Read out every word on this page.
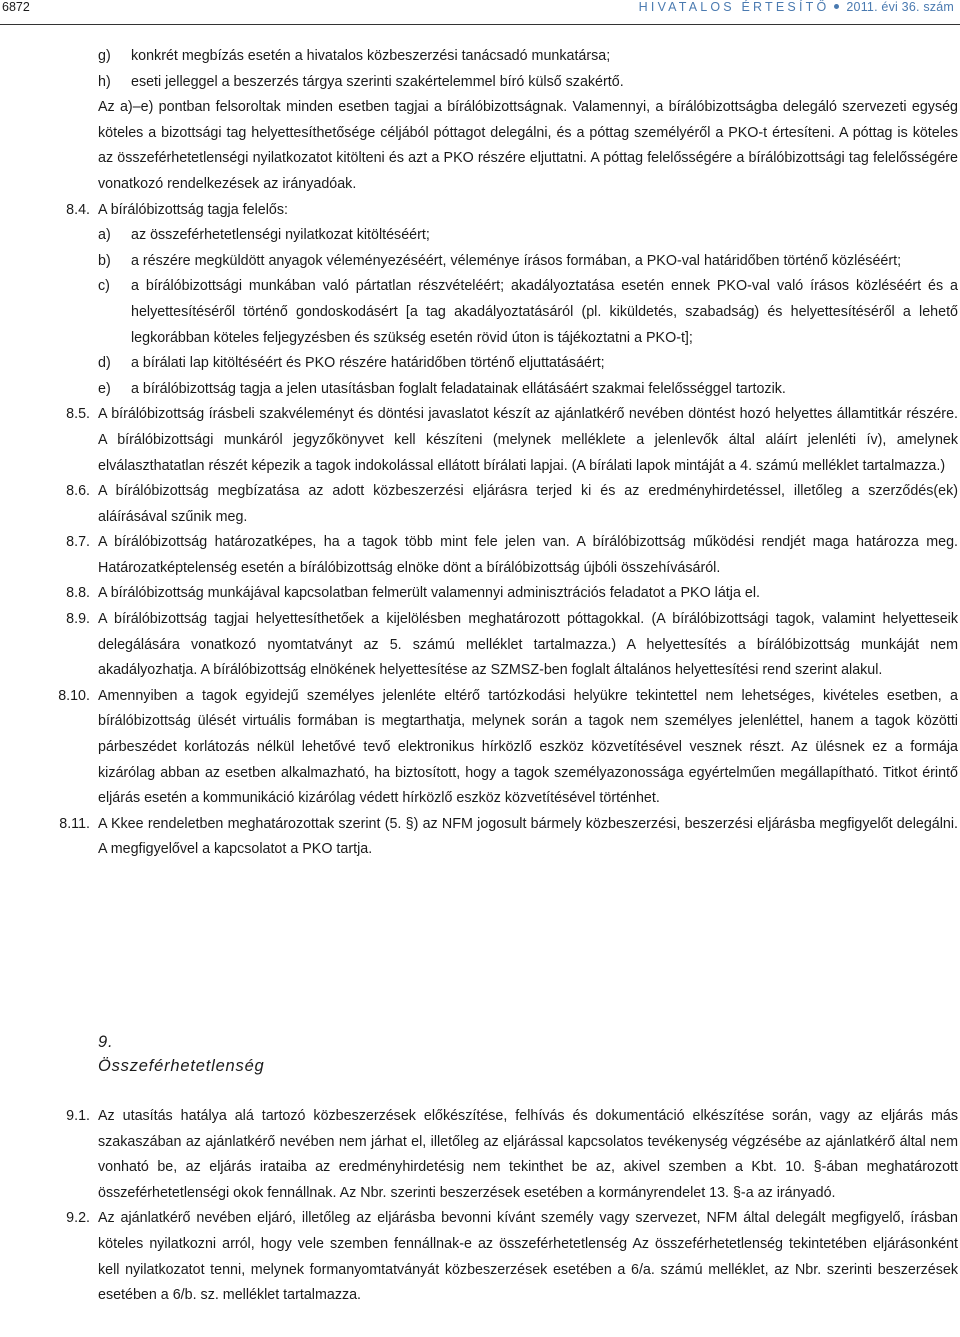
6872	HIVATALOS ÉRTESÍTŐ 2011. évi 36. szám
g) konkrét megbízás esetén a hivatalos közbeszerzési tanácsadó munkatársa;
h) eseti jelleggel a beszerzés tárgya szerinti szakértelemmel bíró külső szakértő.
Az a)–e) pontban felsoroltak minden esetben tagjai a bírálóbizottságnak. Valamennyi, a bírálóbizottságba delegáló szervezeti egység köteles a bizottsági tag helyettesíthetősége céljából póttagot delegálni, és a póttag személyéről a PKO-t értesíteni. A póttag is köteles az összeférhetetlenségi nyilatkozatot kitölteni és azt a PKO részére eljuttatni. A póttag felelősségére a bírálóbizottsági tag felelősségére vonatkozó rendelkezések az irányadóak.
8.4. A bírálóbizottság tagja felelős:
a) az összeférhetetlenségi nyilatkozat kitöltéséért;
b) a részére megküldött anyagok véleményezéséért, véleménye írásos formában, a PKO-val határidőben történő közléséért;
c) a bírálóbizottsági munkában való pártatlan részvételéért; akadályoztatása esetén ennek PKO-val való írásos közléséért és a helyettesítéséről történő gondoskodásért [a tag akadályoztatásáról (pl. kiküldetés, szabadság) és helyettesítéséről a lehető legkorábban köteles feljegyzésben és szükség esetén rövid úton is tájékoztatni a PKO-t];
d) a bírálati lap kitöltéséért és PKO részére határidőben történő eljuttatásáért;
e) a bírálóbizottság tagja a jelen utasításban foglalt feladatainak ellátásáért szakmai felelősséggel tartozik.
8.5. A bírálóbizottság írásbeli szakvéleményt és döntési javaslatot készít az ajánlatkérő nevében döntést hozó helyettes államtitkár részére. A bírálóbizottsági munkáról jegyzőkönyvet kell készíteni (melynek melléklete a jelenlevők által aláírt jelenléti ív), amelynek elválaszthatatlan részét képezik a tagok indokolással ellátott bírálati lapjai. (A bírálati lapok mintáját a 4. számú melléklet tartalmazza.)
8.6. A bírálóbizottság megbízatása az adott közbeszerzési eljárásra terjed ki és az eredményhirdetéssel, illetőleg a szerződés(ek) aláírásával szűnik meg.
8.7. A bírálóbizottság határozatképes, ha a tagok több mint fele jelen van. A bírálóbizottság működési rendjét maga határozza meg. Határozatképtelenség esetén a bírálóbizottság elnöke dönt a bírálóbizottság újbóli összehívásáról.
8.8. A bírálóbizottság munkájával kapcsolatban felmerült valamennyi adminisztrációs feladatot a PKO látja el.
8.9. A bírálóbizottság tagjai helyettesíthetőek a kijelölésben meghatározott póttagokkal. (A bírálóbizottsági tagok, valamint helyetteseik delegálására vonatkozó nyomtatványt az 5. számú melléklet tartalmazza.) A helyettesítés a bírálóbizottság munkáját nem akadályozhatja. A bírálóbizottság elnökének helyettesítése az SZMSZ-ben foglalt általános helyettesítési rend szerint alakul.
8.10. Amennyiben a tagok egyidejű személyes jelenléte eltérő tartózkodási helyükre tekintettel nem lehetséges, kivételes esetben, a bírálóbizottság ülését virtuális formában is megtarthatja, melynek során a tagok nem személyes jelenléttel, hanem a tagok közötti párbeszédet korlátozás nélkül lehetővé tevő elektronikus hírközlő eszköz közvetítésével vesznek részt. Az ülésnek ez a formája kizárólag abban az esetben alkalmazható, ha biztosított, hogy a tagok személyazonossága egyértelműen megállapítható. Titkot érintő eljárás esetén a kommunikáció kizárólag védett hírközlő eszköz közvetítésével történhet.
8.11. A Kkee rendeletben meghatározottak szerint (5. §) az NFM jogosult bármely közbeszerzési, beszerzési eljárásba megfigyelőt delegálni. A megfigyelővel a kapcsolatot a PKO tartja.
9.
Összeférhetetlenség
9.1. Az utasítás hatálya alá tartozó közbeszerzések előkészítése, felhívás és dokumentáció elkészítése során, vagy az eljárás más szakaszában az ajánlatkérő nevében nem járhat el, illetőleg az eljárással kapcsolatos tevékenység végzésébe az ajánlatkérő által nem vonható be, az eljárás irataiba az eredményhirdetésig nem tekinthet be az, akivel szemben a Kbt. 10. §-ában meghatározott összeférhetetlenségi okok fennállnak. Az Nbr. szerinti beszerzések esetében a kormányrendelet 13. §-a az irányadó.
9.2. Az ajánlatkérő nevében eljáró, illetőleg az eljárásba bevonni kívánt személy vagy szervezet, NFM által delegált megfigyelő, írásban köteles nyilatkozni arról, hogy vele szemben fennállnak-e az összeférhetetlenség Az összeférhetetlenség tekintetében eljárásonként kell nyilatkozatot tenni, melynek formanyomtatványát közbeszerzések esetében a 6/a. számú melléklet, az Nbr. szerinti beszerzések esetében a 6/b. sz. melléklet tartalmazza.
